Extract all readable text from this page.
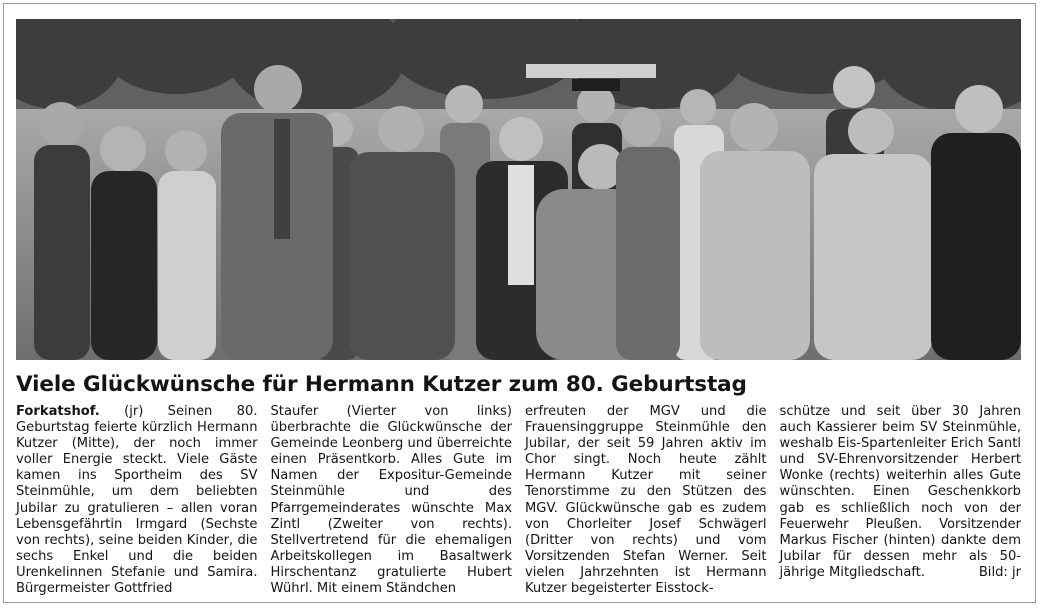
Viele Glückwünsche für Hermann Kutzer zum 80. Geburtstag

Forkatshof. (jr) Seinen 80. Geburtstag feierte kürzlich Hermann Kutzer (Mitte), der noch immer voller Energie steckt. Viele Gäste kamen ins Sportheim des SV Steinmühle, um dem beliebten Jubilar zu gratulieren – allen voran Lebensgefährtin Irmgard (Sechste von rechts), seine beiden Kinder, die sechs Enkel und die beiden Urenkelinnen Stefanie und Samira. Bürgermeister Gottfried

Staufer (Vierter von links) überbrachte die Glückwünsche der Gemeinde Leonberg und überreichte einen Präsentkorb. Alles Gute im Namen der Expositur-Gemeinde Steinmühle und des Pfarrgemeinderates wünschte Max Zintl (Zweiter von rechts). Stellvertretend für die ehemaligen Arbeitskollegen im Basaltwerk Hirschentanz gratulierte Hubert Wührl. Mit einem Ständchen

erfreuten der MGV und die Frauensinggruppe Steinmühle den Jubilar, der seit 59 Jahren aktiv im Chor singt. Noch heute zählt Hermann Kutzer mit seiner Tenorstimme zu den Stützen des MGV. Glückwünsche gab es zudem von Chorleiter Josef Schwägerl (Dritter von rechts) und vom Vorsitzenden Stefan Werner. Seit vielen Jahrzehnten ist Hermann Kutzer begeisterter Eisstock-

schütze und seit über 30 Jahren auch Kassierer beim SV Steinmühle, weshalb Eis-Spartenleiter Erich Santl und SV-Ehrenvorsitzender Herbert Wonke (rechts) weiterhin alles Gute wünschten. Einen Geschenkkorb gab es schließlich noch von der Feuerwehr Pleußen. Vorsitzender Markus Fischer (hinten) dankte dem Jubilar für dessen mehr als 50-jährige Mitgliedschaft.	Bild: jr
